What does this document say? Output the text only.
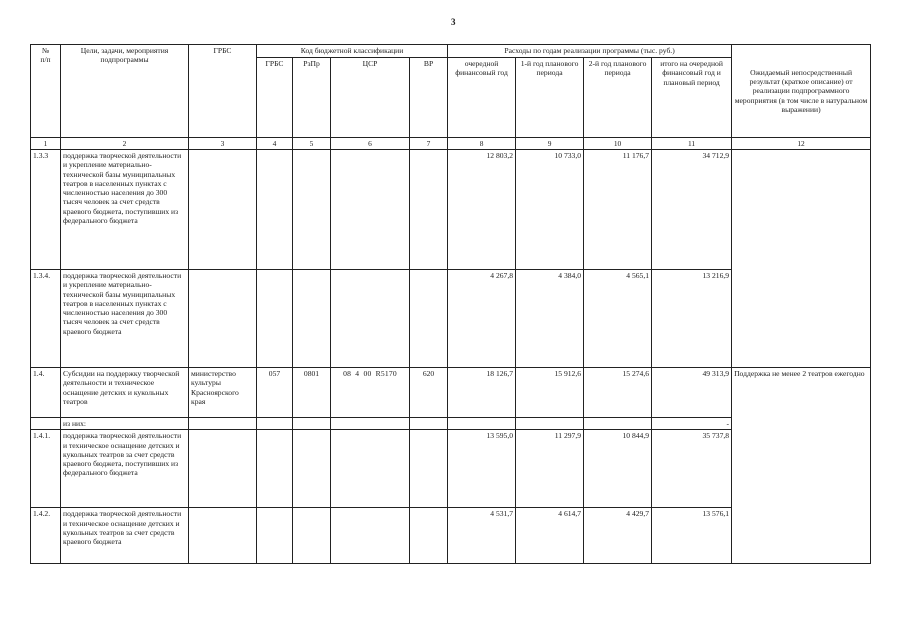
3
№
п/п	Цели, задачи, мероприятия подпрограммы	ГРБС	Код бюджетной классификации				Расходы по годам реализации программы (тыс. руб.)				Ожидаемый непосредственный результат (краткое описание) от реализации подпрограммного мероприятия (в том числе в натуральном выражении)
			ГРБС	РзПр	ЦСР	ВР	очередной финансовый год	1-й год планового периода	2-й год планового периода	итого на очередной финансовый год и плановый период	
1	2	3	4	5	6	7	8	9	10	11	12
1.3.3	поддержка творческой деятельности и укрепление материально-технической базы муниципальных театров в населенных пунктах с численностью населения до 300 тысяч человек за счет средств краевого бюджета, поступивших из федерального бюджета						12 803,2	10 733,0	11 176,7	34 712,9	
1.3.4.	поддержка творческой деятельности и укрепление материально-технической базы муниципальных театров в населенных пунктах с численностью населения до 300 тысяч человек за счет средств краевого бюджета						4 267,8	4 384,0	4 565,1	13 216,9	
1.4.	Субсидии на поддержку творческой деятельности и техническое оснащение детских и кукольных театров	министерство культуры Красноярского края	057	0801	08  4  00  R5170	620	18 126,7	15 912,6	15 274,6	49 313,9	Поддержка не менее 2 театров ежегодно
	из них:									-	
1.4.1.	поддержка творческой деятельности и техническое оснащение детских и кукольных театров за счет средств краевого бюджета, поступивших из федерального бюджета						13 595,0	11 297,9	10 844,9	35 737,8	
1.4.2.	поддержка творческой деятельности и техническое оснащение детских и кукольных театров за счет средств краевого бюджета						4 531,7	4 614,7	4 429,7	13 576,1	
